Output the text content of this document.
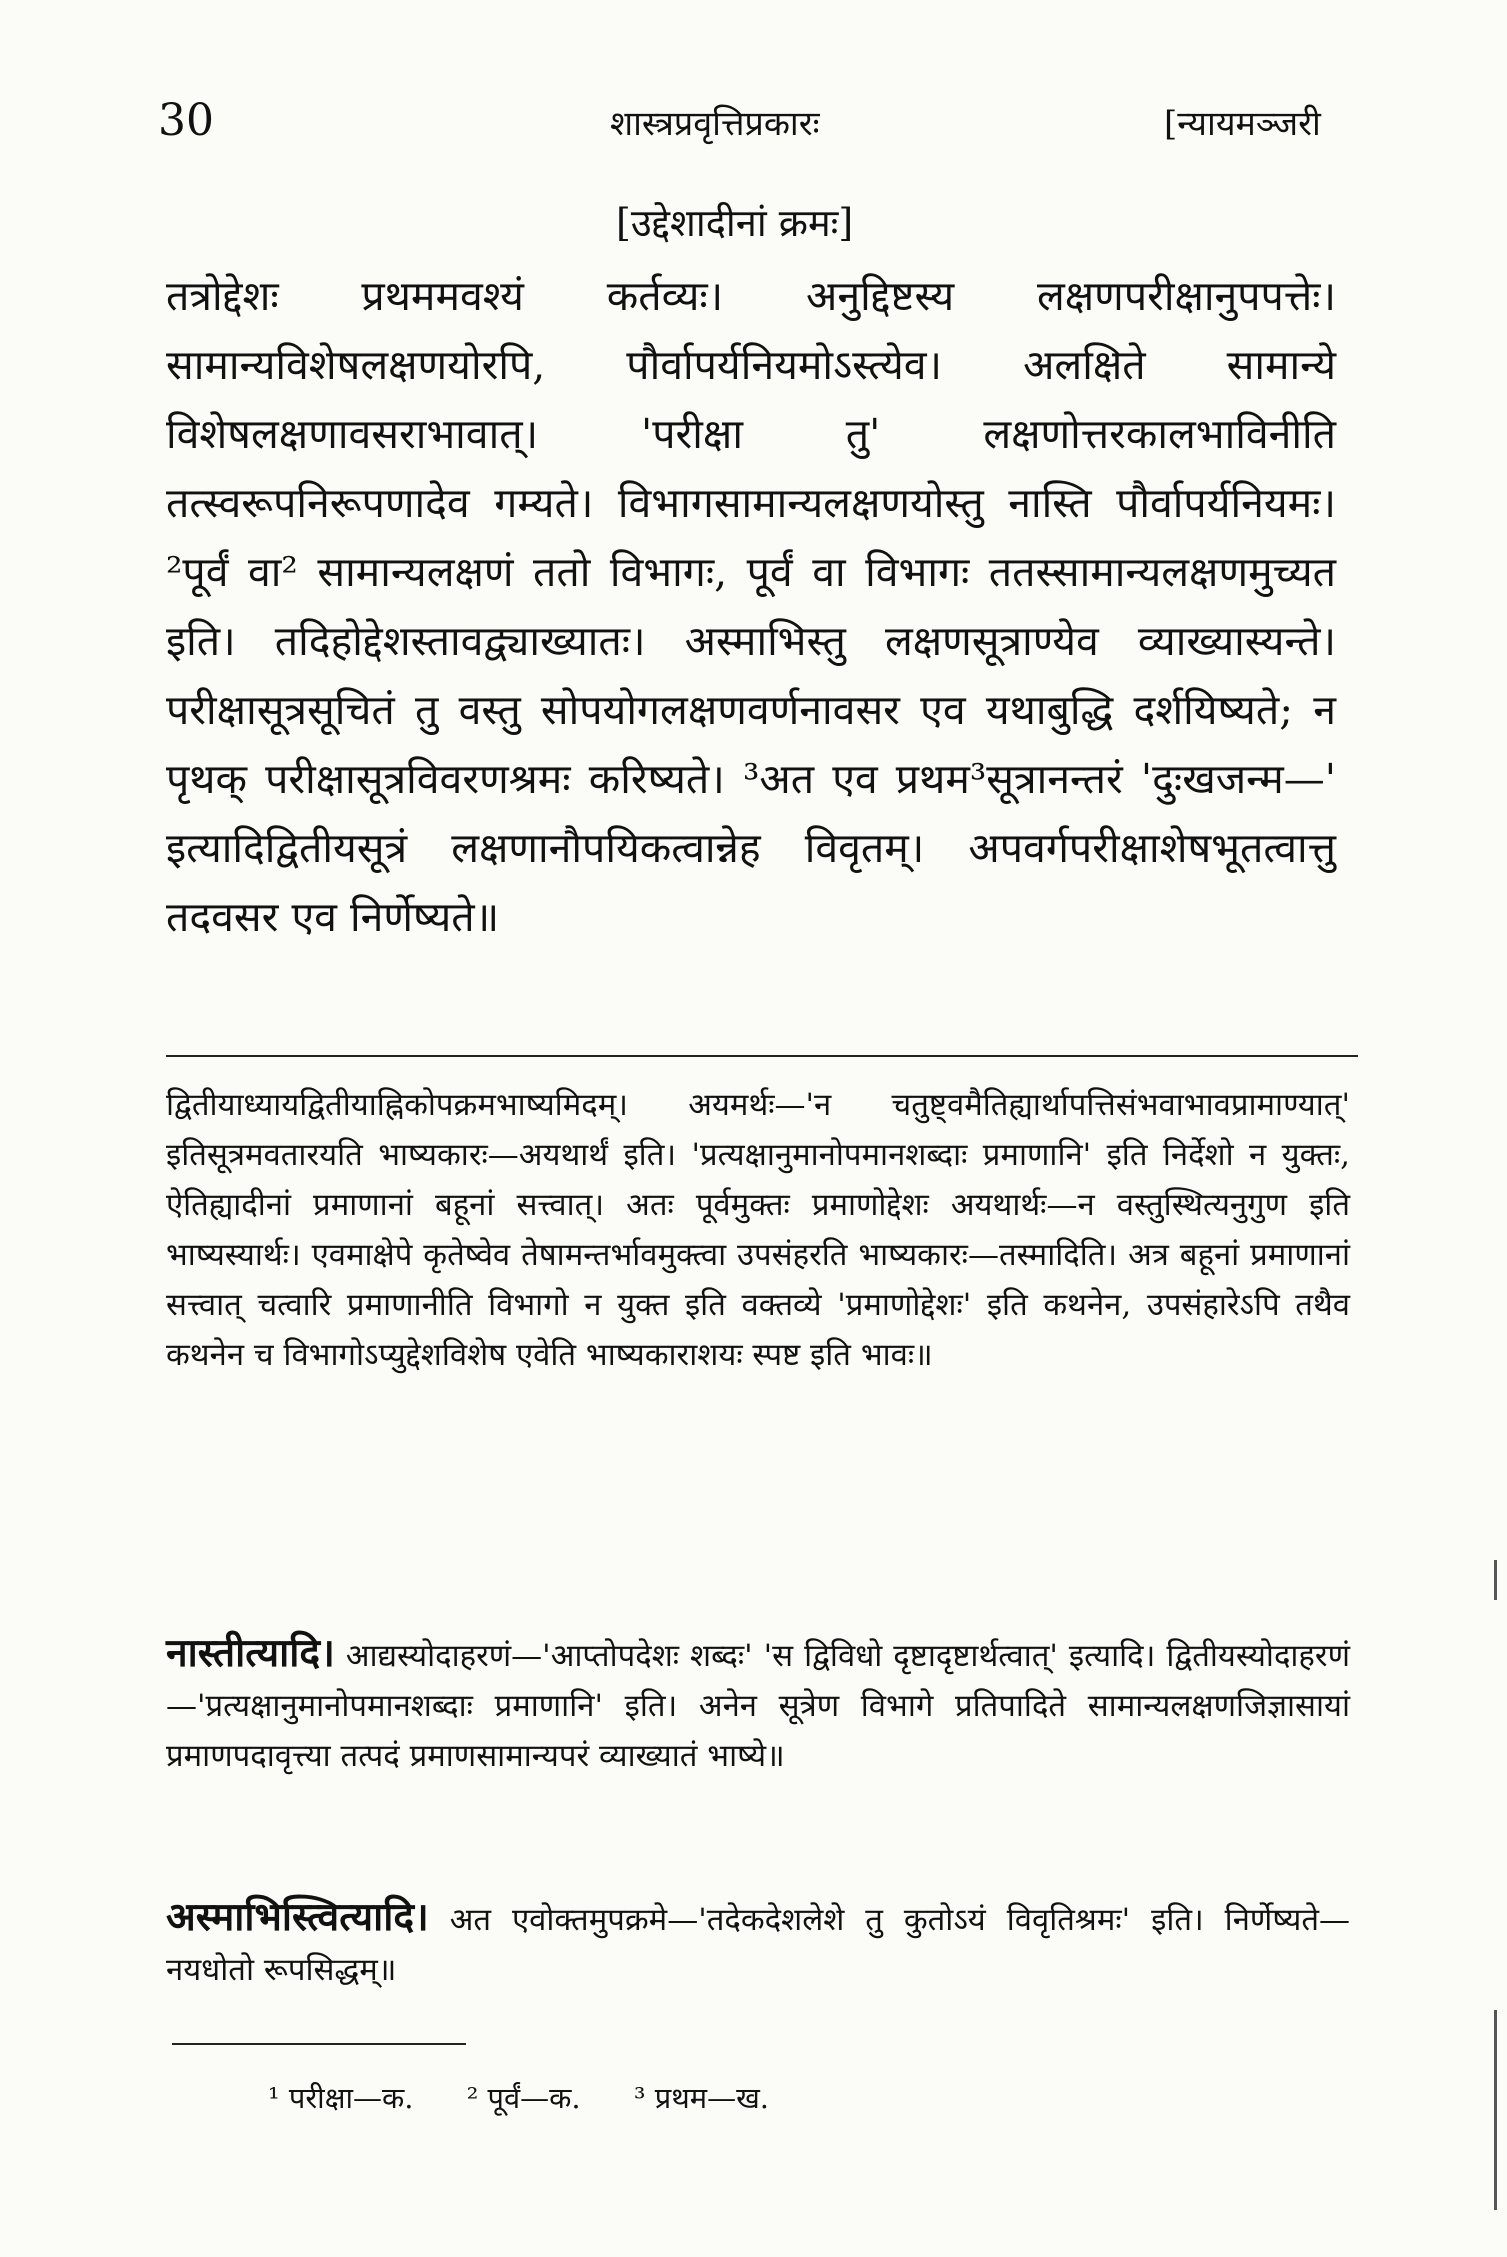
30	शास्त्रप्रवृत्तिप्रकारः	[न्यायमञ्जरी
[उद्देशादीनां क्रमः]
तत्रोद्देशः प्रथममवश्यं कर्तव्यः। अनुद्दिष्टस्य लक्षणपरीक्षानुपपत्तेः। सामान्यविशेषलक्षणयोरपि, पौर्वापर्यनियमोऽस्त्येव। अलक्षिते सामान्ये विशेषलक्षणावसराभावात्। 'परीक्षा तु' लक्षणोत्तरकालभाविनीति तत्स्वरूपनिरूपणादेव गम्यते। विभागसामान्यलक्षणयोस्तु नास्ति पौर्वापर्यनियमः। ²पूर्वं वा² सामान्यलक्षणं ततो विभागः, पूर्वं वा विभागः ततस्सामान्यलक्षणमुच्यत इति। तदिहोद्देशस्तावद्व्याख्यातः। अस्माभिस्तु लक्षणसूत्राण्येव व्याख्यास्यन्ते। परीक्षासूत्रसूचितं तु वस्तु सोपयोगलक्षणवर्णनावसर एव यथाबुद्धि दर्शयिष्यते; न पृथक् परीक्षासूत्रविवरणश्रमः करिष्यते। ³अत एव प्रथम³सूत्रानन्तरं 'दुःखजन्म—' इत्यादिद्वितीयसूत्रं लक्षणानौपयिकत्वान्नेह विवृतम्। अपवर्गपरीक्षाशेषभूतत्वात्तु तदवसर एव निर्णेष्यते॥
द्वितीयाध्यायद्वितीयाह्निकोपक्रमभाष्यमिदम्। अयमर्थः—'न चतुष्ट्वमैतिह्यार्थापत्तिसंभवाभावप्रामाण्यात्' इतिसूत्रमवतारयति भाष्यकारः—अयथार्थं इति। 'प्रत्यक्षानुमानोपमानशब्दाः प्रमाणानि' इति निर्देशो न युक्तः, ऐतिह्यादीनां प्रमाणानां बहूनां सत्त्वात्। अतः पूर्वमुक्तः प्रमाणोद्देशः अयथार्थः—न वस्तुस्थित्यनुगुण इति भाष्यस्यार्थः। एवमाक्षेपे कृतेष्वेव तेषामन्तर्भावमुक्त्वा उपसंहरति भाष्यकारः—तस्मादिति। अत्र बहूनां प्रमाणानां सत्त्वात् चत्वारि प्रमाणानीति विभागो न युक्त इति वक्तव्ये 'प्रमाणोद्देशः' इति कथनेन, उपसंहारेऽपि तथैव कथनेन च विभागोऽप्युद्देशविशेष एवेति भाष्यकाराशयः स्पष्ट इति भावः॥
नास्तीत्यादि। आद्यस्योदाहरणं—'आप्तोपदेशः शब्दः' 'स द्विविधो दृष्टादृष्टार्थत्वात्' इत्यादि। द्वितीयस्योदाहरणं—'प्रत्यक्षानुमानोपमानशब्दाः प्रमाणानि' इति। अनेन सूत्रेण विभागे प्रतिपादिते सामान्यलक्षणजिज्ञासायां प्रमाणपदावृत्त्या तत्पदं प्रमाणसामान्यपरं व्याख्यातं भाष्ये॥
अस्माभिस्त्वित्यादि। अत एवोक्तमुपक्रमे—'तदेकदेशलेशे तु कुतोऽयं विवृतिश्रमः' इति। निर्णेष्यते—नयधोतो रूपसिद्धम्॥
¹ परीक्षा—क. ² पूर्वं—क. ³ प्रथम—ख.
